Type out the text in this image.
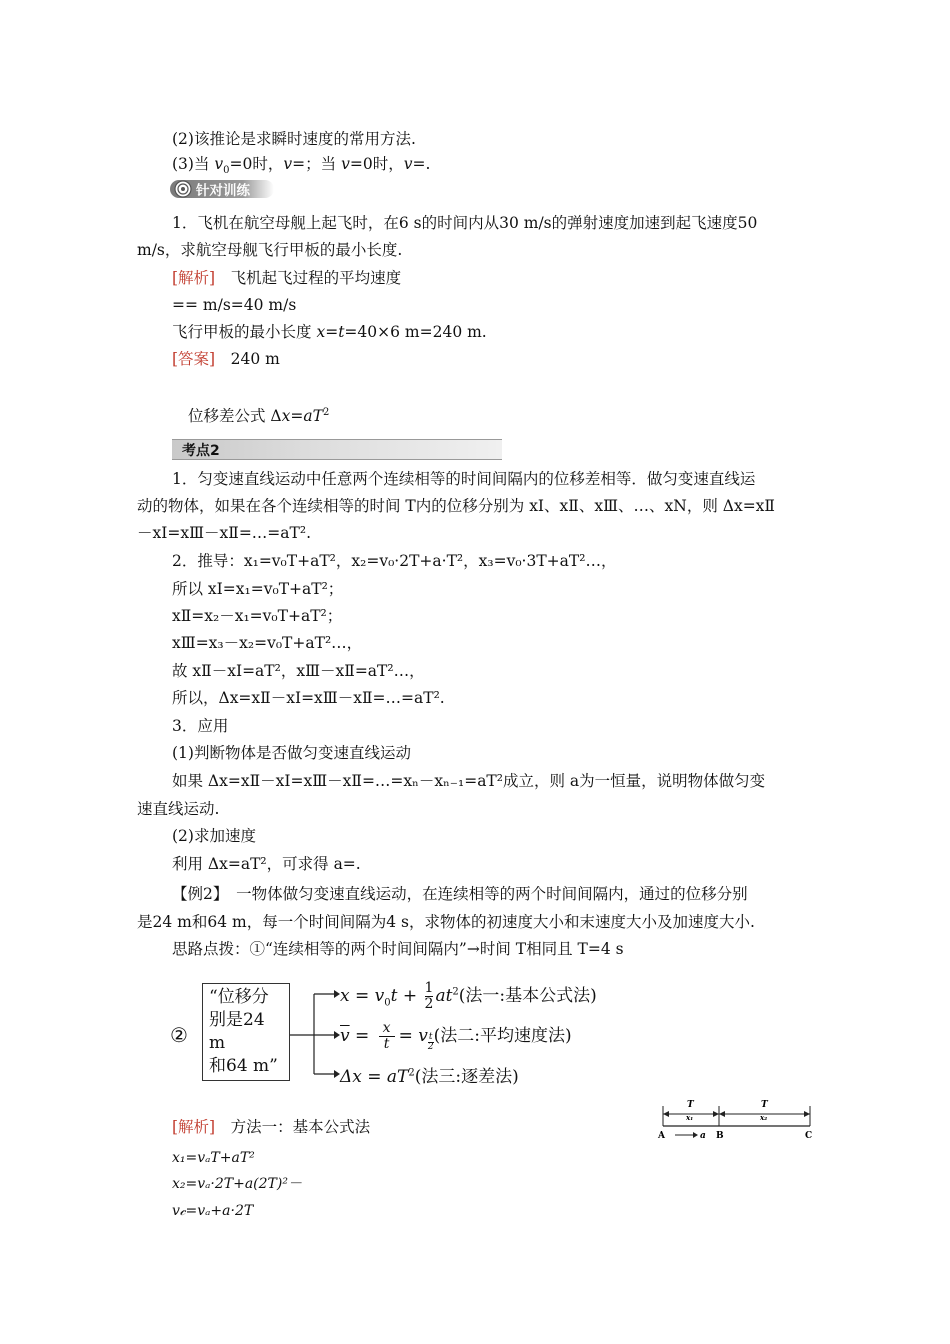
(2)该推论是求瞬时速度的常用方法.
(3)当 $v_0=0$时，v=；当 v=0时，v=.
针对训练
1．飞机在航空母舰上起飞时，在6 s的时间内从30 m/s的弹射速度加速到起飞速度50
m/s，求航空母舰飞行甲板的最小长度.
[解析]　 飞机起飞过程的平均速度
== m/s=40 m/s
飞行甲板的最小长度 x=t=40×6 m=240 m.
[答案]　 240 m
位移差公式 $\Delta x=aT^2$
考点2
1．匀变速直线运动中任意两个连续相等的时间间隔内的位移差相等．做匀变速直线运
动的物体，如果在各个连续相等的时间 T内的位移分别为 xⅠ、xⅡ、xⅢ、…、xN，则 Δx=xⅡ
－xⅠ=xⅢ－xⅡ=…=aT².
2．推导：x₁=v₀T+aT²，x₂=v₀·2T+a·T²，x₃=v₀·3T+aT²…，
所以 xⅠ=x₁=v₀T+aT²；
xⅡ=x₂－x₁=v₀T+aT²；
xⅢ=x₃－x₂=v₀T+aT²…，
故 xⅡ－xⅠ=aT²，xⅢ－xⅡ=aT²…，
所以，Δx=xⅡ－xⅠ=xⅢ－xⅡ=…=aT².
3．应用
(1)判断物体是否做匀变速直线运动
如果 Δx=xⅡ－xⅠ=xⅢ－xⅡ=…=xₙ－xₙ₋₁=aT²成立，则 a为一恒量，说明物体做匀变
速直线运动.
(2)求加速度
利用 Δx=aT²，可求得 a=.
【例2】　一物体做匀变速直线运动，在连续相等的两个时间间隔内，通过的位移分别
是24 m和64 m，每一个时间间隔为4 s，求物体的初速度大小和末速度大小及加速度大小.
思路点拨：①“连续相等的两个时间间隔内”→时间 T相同且 T=4 s
②
“位移分
别是24 m
和64 m”
$x = v_0t + \frac{1}{2} at^2$(法一:基本公式法)
$\overline{v} = \frac{x}{t} = v \frac{t}{2}$ (法二:平均速度法)
$\Delta x = aT^2$(法三:逐差法)
[解析]　 方法一：基本公式法
x₁=vₐT+aT²
x₂=vₐ·2T+a(2T)²－
v𝒸=vₐ+a·2T
T
x₁
T
x₂
A	a B	C
